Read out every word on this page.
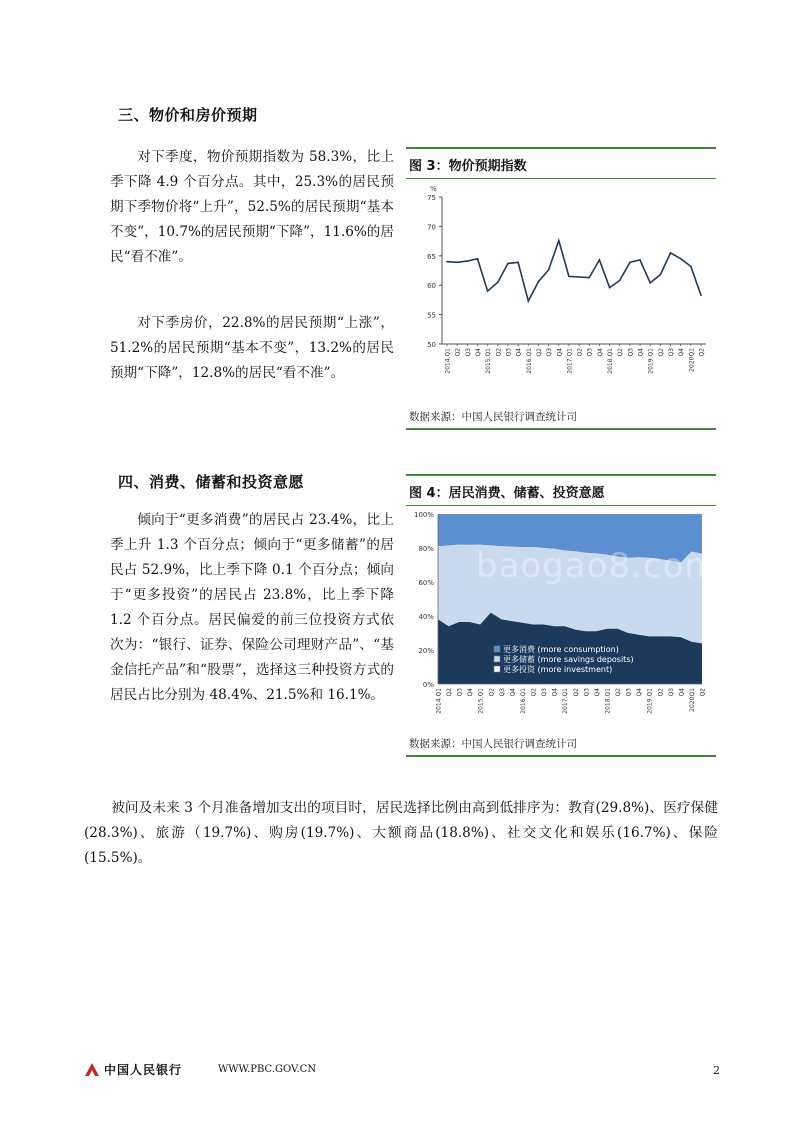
三、物价和房价预期

对下季度，物价预期指数为 58.3%，比上季下降 4.9 个百分点。其中，25.3%的居民预期下季物价将“上升”，52.5%的居民预期“基本不变”，10.7%的居民预期“下降”，11.6%的居民“看不准”。

对下季房价，22.8%的居民预期“上涨”，51.2%的居民预期“基本不变”，13.2%的居民预期“下降”，12.8%的居民“看不准”。

图 3：物价预期指数
%
50
55
60
65
70
75
2014.Q1 Q2 Q3 Q4 2015.Q1 Q2 Q3 Q4 2016.Q1 Q2 Q3 Q4 2017.Q1 Q2 Q3 Q4 2018.Q1 Q2 Q3 Q4 2019.Q1 Q2 Q3 Q4 2020Q1 Q2
数据来源：中国人民银行调查统计司
四、消费、储蓄和投资意愿

倾向于“更多消费”的居民占 23.4%，比上季上升 1.3 个百分点；倾向于“更多储蓄”的居民占 52.9%，比上季下降 0.1 个百分点；倾向于“更多投资”的居民占 23.8%，比上季下降 1.2 个百分点。居民偏爱的前三位投资方式依次为：“银行、证券、保险公司理财产品”、“基金信托产品”和“股票”，选择这三种投资方式的居民占比分别为 48.4%、21.5%和 16.1%。

图 4：居民消费、储蓄、投资意愿
0%
20%
40%
60%
80%
100%
2014.Q1 Q2 Q3 Q4 2015.Q1 Q2 Q3 Q4 2016.Q1 Q2 Q3 Q4 2017.Q1 Q2 Q3 Q4 2018.Q1 Q2 Q3 Q4 2019.Q1 Q2 Q3 Q4 2020Q1 Q2
更多消费 (more consumption)
更多储蓄 (more savings deposits)
更多投资 (more investment)
baogao8.com
数据来源：中国人民银行调查统计司

被问及未来 3 个月准备增加支出的项目时，居民选择比例由高到低排序为：教育(29.8%)、医疗保健 (28.3%)、旅游（19.7%)、购房(19.7%)、大额商品(18.8%)、社交文化和娱乐(16.7%)、保险(15.5%)。

中国人民银行	WWW.PBC.GOV.CN	2
